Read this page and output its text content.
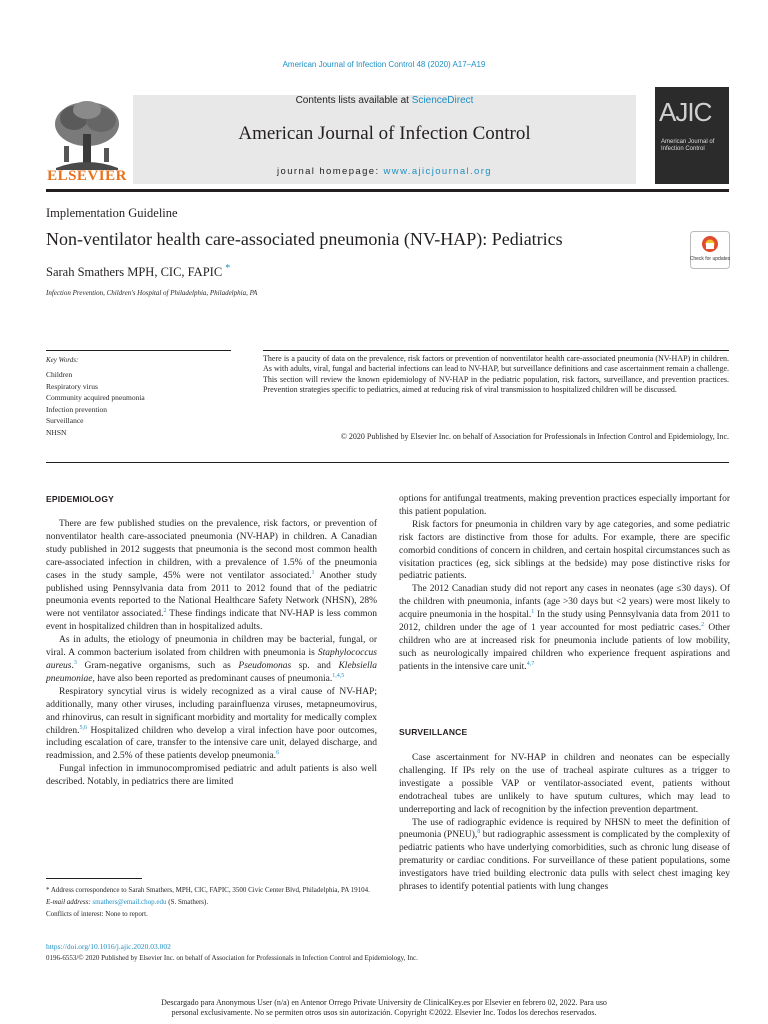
American Journal of Infection Control 48 (2020) A17–A19
ELSEVIER
Contents lists available at ScienceDirect
American Journal of Infection Control
journal homepage: www.ajicjournal.org
AJIC
American Journal of Infection Control
Implementation Guideline
Non-ventilator health care-associated pneumonia (NV-HAP): Pediatrics
Check for updates
Sarah Smathers MPH, CIC, FAPIC *
Infection Prevention, Children's Hospital of Philadelphia, Philadelphia, PA
Key Words:
Children
Respiratory virus
Community acquired pneumonia
Infection prevention
Surveillance
NHSN
There is a paucity of data on the prevalence, risk factors or prevention of nonventilator health care-associated pneumonia (NV-HAP) in children. As with adults, viral, fungal and bacterial infections can lead to NV-HAP, but surveillance definitions and case ascertainment remain a challenge. This section will review the known epidemiology of NV-HAP in the pediatric population, risk factors, surveillance, and prevention practices. Prevention strategies specific to pediatrics, aimed at reducing risk of viral transmission to hospitalized children will be discussed.
© 2020 Published by Elsevier Inc. on behalf of Association for Professionals in Infection Control and Epidemiology, Inc.
EPIDEMIOLOGY

There are few published studies on the prevalence, risk factors, or prevention of nonventilator health care-associated pneumonia (NV-HAP) in children. A Canadian study published in 2012 suggests that pneumonia is the second most common health care-associated infection in children, with a prevalence of 1.5% of the pneumonia cases in the study sample, 45% were not ventilator associated.$^1$ Another study published using Pennsylvania data from 2011 to 2012 found that of the pediatric pneumonia events reported to the National Healthcare Safety Network (NHSN), 28% were not ventilator associated.$^2$ These findings indicate that NV-HAP is less common event in hospitalized children than in hospitalized adults.

As in adults, the etiology of pneumonia in children may be bacterial, fungal, or viral. A common bacterium isolated from children with pneumonia is Staphylococcus aureus.$^3$ Gram-negative organisms, such as Pseudomonas sp. and Klebsiella pneumoniae, have also been reported as predominant causes of pneumonia.$^{1,4,5}$

Respiratory syncytial virus is widely recognized as a viral cause of NV-HAP; additionally, many other viruses, including parainfluenza viruses, metapneumovirus, and rhinovirus, can result in significant morbidity and mortality for medically complex children.$^{5,6}$ Hospitalized children who develop a viral infection have poor outcomes, including escalation of care, transfer to the intensive care unit, delayed discharge, and readmission, and 2.5% of these patients develop pneumonia.$^6$

Fungal infection in immunocompromised pediatric and adult patients is also well described. Notably, in pediatrics there are limited

options for antifungal treatments, making prevention practices especially important for this patient population.

Risk factors for pneumonia in children vary by age categories, and some pediatric risk factors are distinctive from those for adults. For example, there are specific comorbid conditions of concern in children, and certain hospital circumstances such as visitation practices (eg, sick siblings at the bedside) may pose distinctive risks for pediatric patients.

The 2012 Canadian study did not report any cases in neonates (age ≤30 days). Of the children with pneumonia, infants (age >30 days but <2 years) were most likely to acquire pneumonia in the hospital.$^1$ In the study using Pennsylvania data from 2011 to 2012, children under the age of 1 year accounted for most pediatric cases.$^2$ Other children who are at increased risk for pneumonia include patients of low mobility, such as neurologically impaired children who experience frequent aspirations and patients in the intensive care unit.$^{4,7}$

SURVEILLANCE

Case ascertainment for NV-HAP in children and neonates can be especially challenging. If IPs rely on the use of tracheal aspirate cultures as a trigger to investigate a possible VAP or ventilator-associated event, patients without endotracheal tubes are unlikely to have sputum cultures, which may lead to underreporting and lack of recognition by the infection prevention department.

The use of radiographic evidence is required by NHSN to meet the definition of pneumonia (PNEU),$^8$ but radiographic assessment is complicated by the complexity of pediatric patients who have underlying comorbidities, such as chronic lung disease of prematurity or cardiac conditions. For surveillance of these patient populations, some investigators have tried building electronic data pulls with select chest imaging key phrases to identify potential patients with lung changes

* Address correspondence to Sarah Smathers, MPH, CIC, FAPIC, 3500 Civic Center Blvd, Philadelphia, PA 19104.
E-mail address: smathers@email.chop.edu (S. Smathers).
Conflicts of interest: None to report.
https://doi.org/10.1016/j.ajic.2020.03.002
0196-6553/© 2020 Published by Elsevier Inc. on behalf of Association for Professionals in Infection Control and Epidemiology, Inc.
Descargado para Anonymous User (n/a) en Antenor Orrego Private University de ClinicalKey.es por Elsevier en febrero 02, 2022. Para uso
personal exclusivamente. No se permiten otros usos sin autorización. Copyright ©2022. Elsevier Inc. Todos los derechos reservados.
